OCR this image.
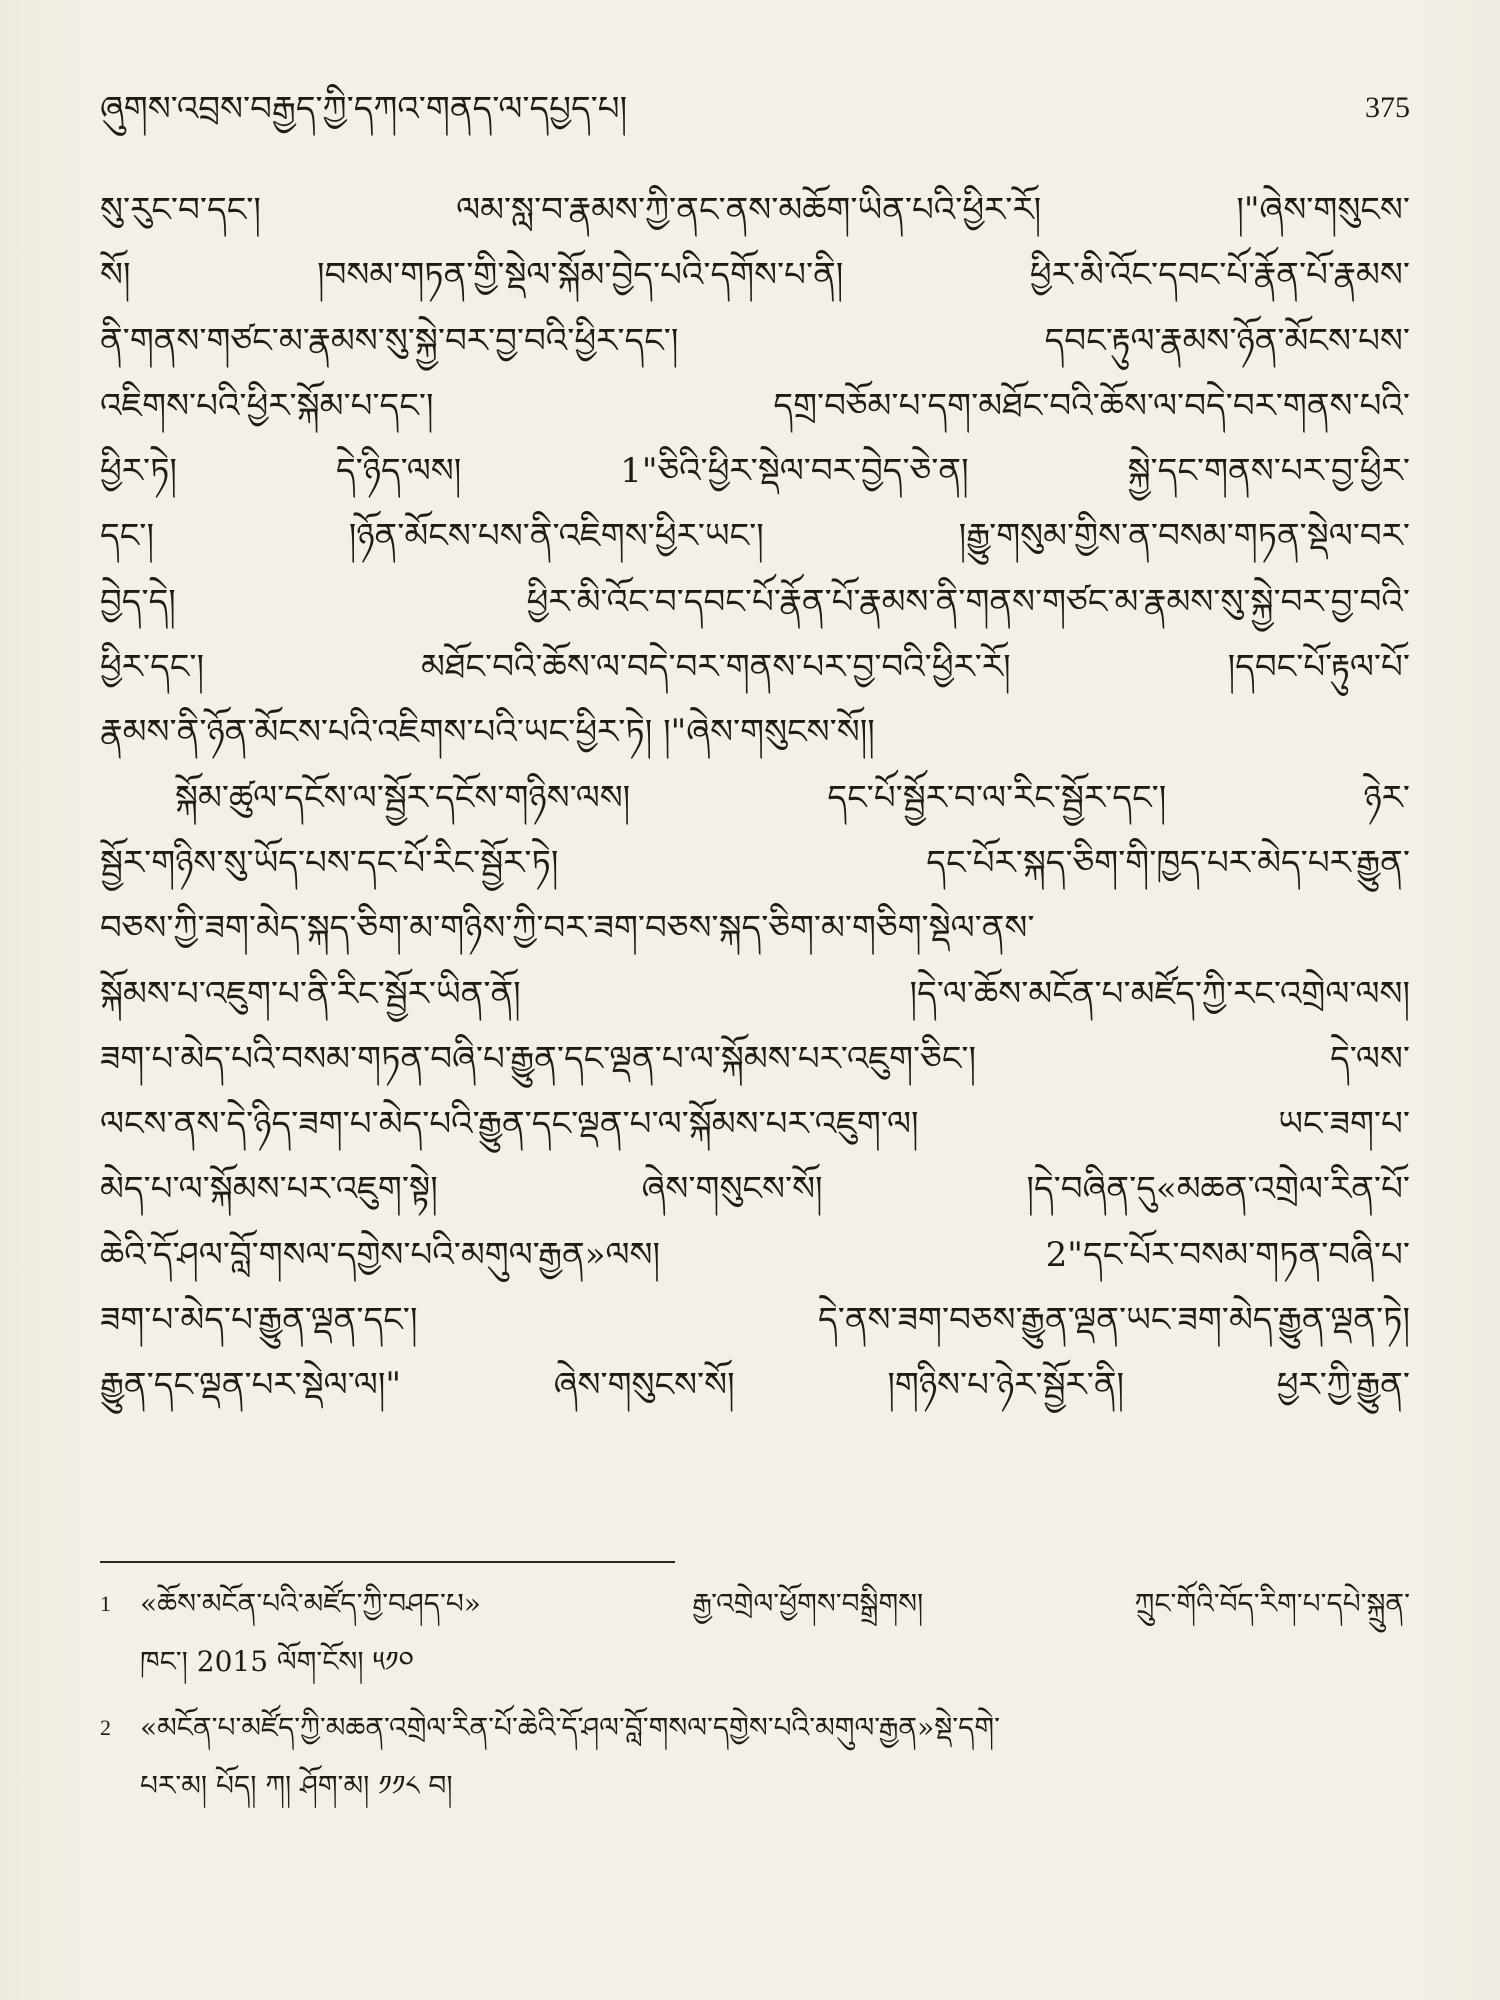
ཞུགས་འབྲས་བརྒྱད་ཀྱི་དཀའ་གནད་ལ་དཔྱད་པ།	375
སུ་རུང་བ་དང་། ལམ་སླ་བ་རྣམས་ཀྱི་ནང་ནས་མཆོག་ཡིན་པའི་ཕྱིར་རོ། །"ཞེས་གསུངས་
སོ། །བསམ་གཏན་གྱི་སྡེལ་སྐོམ་བྱེད་པའི་དགོས་པ་ནི། ཕྱིར་མི་འོང་དབང་པོ་རྣོན་པོ་རྣམས་
ནི་གནས་གཙང་མ་རྣམས་སུ་སྐྱེ་བར་བྱ་བའི་ཕྱིར་དང་། དབང་རྟུལ་རྣམས་ཉོན་མོངས་པས་
འཇིགས་པའི་ཕྱིར་སྐོམ་པ་དང་། དགྲ་བཅོམ་པ་དག་མཐོང་བའི་ཆོས་ལ་བདེ་བར་གནས་པའི་
ཕྱིར་ཏེ། དེ་ཉིད་ལས། 1"ཅིའི་ཕྱིར་སྡེལ་བར་བྱེད་ཅེ་ན། སྐྱེ་དང་གནས་པར་བྱ་ཕྱིར་
དང་། །ཉོན་མོངས་པས་ནི་འཇིགས་ཕྱིར་ཡང་། །རྒྱུ་གསུམ་གྱིས་ན་བསམ་གཏན་སྡེལ་བར་
བྱེད་དེ། ཕྱིར་མི་འོང་བ་དབང་པོ་རྣོན་པོ་རྣམས་ནི་གནས་གཙང་མ་རྣམས་སུ་སྐྱེ་བར་བྱ་བའི་
ཕྱིར་དང་། མཐོང་བའི་ཆོས་ལ་བདེ་བར་གནས་པར་བྱ་བའི་ཕྱིར་རོ། །དབང་པོ་རྟུལ་པོ་
རྣམས་ནི་ཉོན་མོངས་པའི་འཇིགས་པའི་ཡང་ཕྱིར་ཏེ། །"ཞེས་གསུངས་སོ།།
སྐོམ་ཚུལ་དངོས་ལ་སྦྱོར་དངོས་གཉིས་ལས། དང་པོ་སྦྱོར་བ་ལ་རིང་སྦྱོར་དང་། ཉེར་
སྦྱོར་གཉིས་སུ་ཡོད་པས་དང་པོ་རིང་སྦྱོར་ཏེ། དང་པོར་སྐད་ཅིག་གི་ཁྱད་པར་མེད་པར་རྒྱུན་
བཅས་ཀྱི་ཟག་མེད་སྐད་ཅིག་མ་གཉིས་ཀྱི་བར་ཟག་བཅས་སྐད་ཅིག་མ་གཅིག་སྡེལ་ནས་
སྐོམས་པ་འཇུག་པ་ནི་རིང་སྦྱོར་ཡིན་ནོ། །དེ་ལ་ཆོས་མངོན་པ་མཛོད་ཀྱི་རང་འགྲེལ་ལས།
ཟག་པ་མེད་པའི་བསམ་གཏན་བཞི་པ་རྒྱུན་དང་ལྡན་པ་ལ་སྐོམས་པར་འཇུག་ཅིང་། དེ་ལས་
ལངས་ནས་དེ་ཉིད་ཟག་པ་མེད་པའི་རྒྱུན་དང་ལྡན་པ་ལ་སྐོམས་པར་འཇུག་ལ། ཡང་ཟག་པ་
མེད་པ་ལ་སྐོམས་པར་འཇུག་སྟེ། ཞེས་གསུངས་སོ། །དེ་བཞིན་དུ«མཆན་འགྲེལ་རིན་པོ་
ཆེའི་དོ་ཤལ་བློ་གསལ་དགྱེས་པའི་མགུལ་རྒྱན»ལས། 2"དང་པོར་བསམ་གཏན་བཞི་པ་
ཟག་པ་མེད་པ་རྒྱུན་ལྡན་དང་། དེ་ནས་ཟག་བཅས་རྒྱུན་ལྡན་ཡང་ཟག་མེད་རྒྱུན་ལྡན་ཏེ།
རྒྱུན་དང་ལྡན་པར་སྡེལ་ལ།" ཞེས་གསུངས་སོ། །གཉིས་པ་ཉེར་སྦྱོར་ནི། ཕྱར་ཀྱི་རྒྱུན་
1 «ཆོས་མངོན་པའི་མཛོད་ཀྱི་བཤད་པ» རྒྱ་འགྲེལ་ཕྱོགས་བསྒྲིགས། ཀྲུང་གོའི་བོད་རིག་པ་དཔེ་སྐྲུན་
ཁང་། 2015 ལོག་ངོས། ༥༡༠
2 «མངོན་པ་མཛོད་ཀྱི་མཆན་འགྲེལ་རིན་པོ་ཆེའི་དོ་ཤལ་བློ་གསལ་དགྱེས་པའི་མགུལ་རྒྱན»སྡེ་དགེ་
པར་མ། པོད། ཀ། ཤོག་མ། ༡༡༨ བ།
